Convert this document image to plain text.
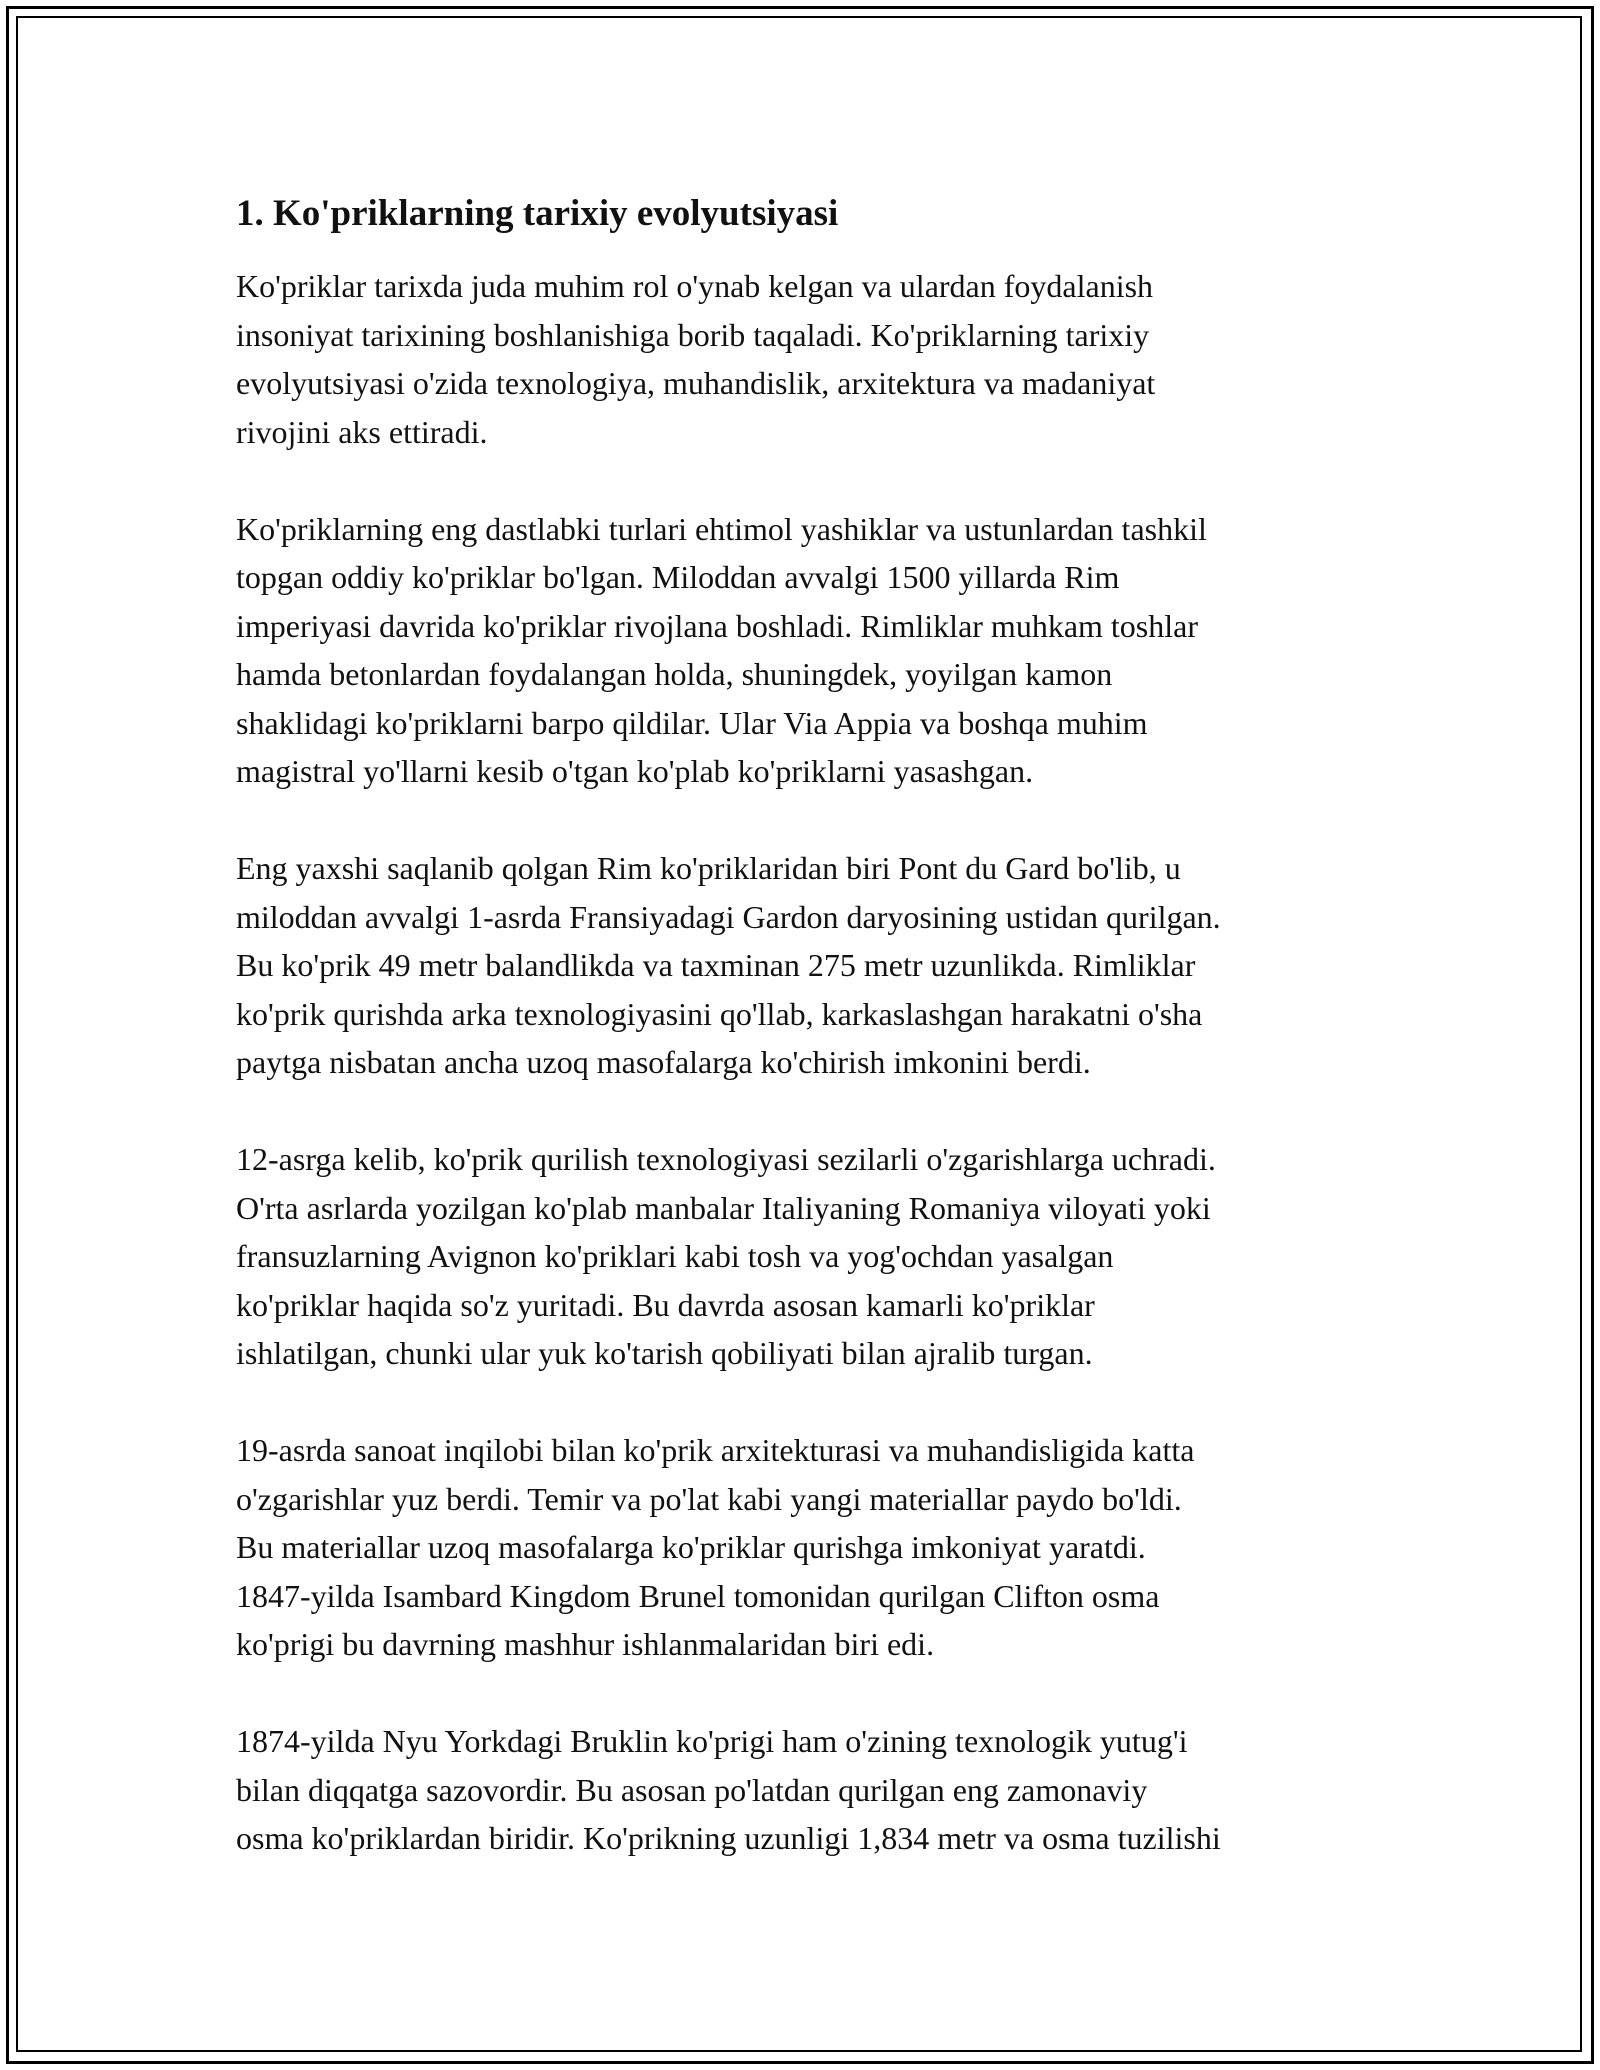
1. Ko'priklarning tarixiy evolyutsiyasi
Ko'priklar tarixda juda muhim rol o'ynab kelgan va ulardan foydalanish
insoniyat tarixining boshlanishiga borib taqaladi. Ko'priklarning tarixiy
evolyutsiyasi o'zida texnologiya, muhandislik, arxitektura va madaniyat
rivojini aks ettiradi.
Ko'priklarning eng dastlabki turlari ehtimol yashiklar va ustunlardan tashkil
topgan oddiy ko'priklar bo'lgan. Miloddan avvalgi 1500 yillarda Rim
imperiyasi davrida ko'priklar rivojlana boshladi. Rimliklar muhkam toshlar
hamda betonlardan foydalangan holda, shuningdek, yoyilgan kamon
shaklidagi ko'priklarni barpo qildilar. Ular Via Appia va boshqa muhim
magistral yo'llarni kesib o'tgan ko'plab ko'priklarni yasashgan.
Eng yaxshi saqlanib qolgan Rim ko'priklaridan biri Pont du Gard bo'lib, u
miloddan avvalgi 1-asrda Fransiyadagi Gardon daryosining ustidan qurilgan.
Bu ko'prik 49 metr balandlikda va taxminan 275 metr uzunlikda. Rimliklar
ko'prik qurishda arka texnologiyasini qo'llab, karkaslashgan harakatni o'sha
paytga nisbatan ancha uzoq masofalarga ko'chirish imkonini berdi.
12-asrga kelib, ko'prik qurilish texnologiyasi sezilarli o'zgarishlarga uchradi.
O'rta asrlarda yozilgan ko'plab manbalar Italiyaning Romaniya viloyati yoki
fransuzlarning Avignon ko'priklari kabi tosh va yog'ochdan yasalgan
ko'priklar haqida so'z yuritadi. Bu davrda asosan kamarli ko'priklar
ishlatilgan, chunki ular yuk ko'tarish qobiliyati bilan ajralib turgan.
19-asrda sanoat inqilobi bilan ko'prik arxitekturasi va muhandisligida katta
o'zgarishlar yuz berdi. Temir va po'lat kabi yangi materiallar paydo bo'ldi.
Bu materiallar uzoq masofalarga ko'priklar qurishga imkoniyat yaratdi.
1847-yilda Isambard Kingdom Brunel tomonidan qurilgan Clifton osma
ko'prigi bu davrning mashhur ishlanmalaridan biri edi.
1874-yilda Nyu Yorkdagi Bruklin ko'prigi ham o'zining texnologik yutug'i
bilan diqqatga sazovordir. Bu asosan po'latdan qurilgan eng zamonaviy
osma ko'priklardan biridir. Ko'prikning uzunligi 1,834 metr va osma tuzilishi
